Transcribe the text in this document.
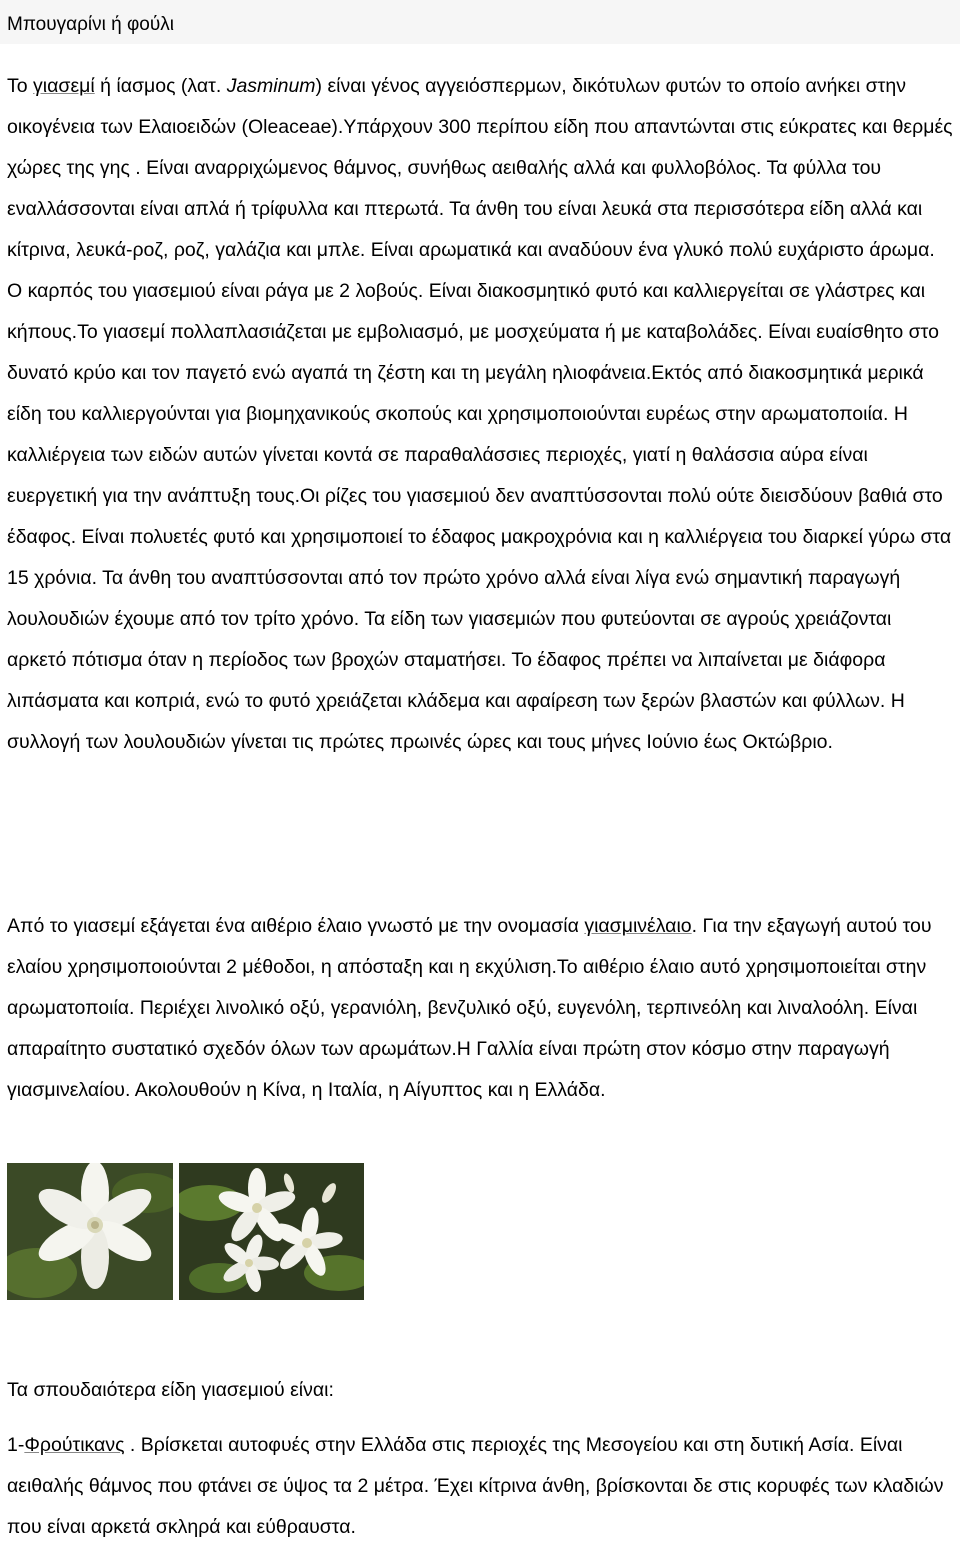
Μπουγαρίνι ή φούλι
Το γιασεμί ή ίασμος (λατ. Jasminum) είναι γένος αγγειόσπερμων, δικότυλων φυτών το οποίο ανήκει στην οικογένεια των Ελαιοειδών (Oleaceae).Υπάρχουν 300 περίπου είδη που απαντώνται στις εύκρατες και θερμές χώρες της γης . Είναι αναρριχώμενος θάμνος, συνήθως αειθαλής αλλά και φυλλοβόλος. Τα φύλλα του εναλλάσσονται είναι απλά ή τρίφυλλα και πτερωτά. Τα άνθη του είναι λευκά στα περισσότερα είδη αλλά και κίτρινα, λευκά-ροζ, ροζ, γαλάζια και μπλε. Είναι αρωματικά και αναδύουν ένα γλυκό πολύ ευχάριστο άρωμα. Ο καρπός του γιασεμιού είναι ράγα με 2 λοβούς. Είναι διακοσμητικό φυτό και καλλιεργείται σε γλάστρες και κήπους.Το γιασεμί πολλαπλασιάζεται με εμβολιασμό, με μοσχεύματα ή με καταβολάδες. Είναι ευαίσθητο στο δυνατό κρύο και τον παγετό ενώ αγαπά τη ζέστη και τη μεγάλη ηλιοφάνεια.Εκτός από διακοσμητικά μερικά είδη του καλλιεργούνται για βιομηχανικούς σκοπούς και χρησιμοποιούνται ευρέως στην αρωματοποιία. Η καλλιέργεια των ειδών αυτών γίνεται κοντά σε παραθαλάσσιες περιοχές, γιατί η θαλάσσια αύρα είναι ευεργετική για την ανάπτυξη τους.Οι ρίζες του γιασεμιού δεν αναπτύσσονται πολύ ούτε διεισδύουν βαθιά στο έδαφος. Είναι πολυετές φυτό και χρησιμοποιεί το έδαφος μακροχρόνια και η καλλιέργεια του διαρκεί γύρω στα 15 χρόνια. Τα άνθη του αναπτύσσονται από τον πρώτο χρόνο αλλά είναι λίγα ενώ σημαντική παραγωγή λουλουδιών έχουμε από τον τρίτο χρόνο. Τα είδη των γιασεμιών που φυτεύονται σε αγρούς χρειάζονται αρκετό πότισμα όταν η περίοδος των βροχών σταματήσει. Το έδαφος πρέπει να λιπαίνεται με διάφορα λιπάσματα και κοπριά, ενώ το φυτό χρειάζεται κλάδεμα και αφαίρεση των ξερών βλαστών και φύλλων. Η συλλογή των λουλουδιών γίνεται τις πρώτες πρωινές ώρες και τους μήνες Ιούνιο έως Οκτώβριο.
Από το γιασεμί εξάγεται ένα αιθέριο έλαιο γνωστό με την ονομασία γιασμινέλαιο. Για την εξαγωγή αυτού του ελαίου χρησιμοποιούνται 2 μέθοδοι, η απόσταξη και η εκχύλιση.Το αιθέριο έλαιο αυτό χρησιμοποιείται στην αρωματοποιία. Περιέχει λινολικό οξύ, γερανιόλη, βενζυλικό οξύ, ευγενόλη, τερπινεόλη και λιναλοόλη. Είναι απαραίτητο συστατικό σχεδόν όλων των αρωμάτων.Η Γαλλία είναι πρώτη στον κόσμο στην παραγωγή γιασμινελαίου. Ακολουθούν η Κίνα, η Ιταλία, η Αίγυπτος και η Ελλάδα.
Τα σπουδαιότερα είδη γιασεμιού είναι:
1-Φρούτικανς . Βρίσκεται αυτοφυές στην Ελλάδα στις περιοχές της Μεσογείου και στη δυτική Ασία. Είναι αειθαλής θάμνος που φτάνει σε ύψος τα 2 μέτρα. Έχει κίτρινα άνθη, βρίσκονται δε στις κορυφές των κλαδιών που είναι αρκετά σκληρά και εύθραυστα.
